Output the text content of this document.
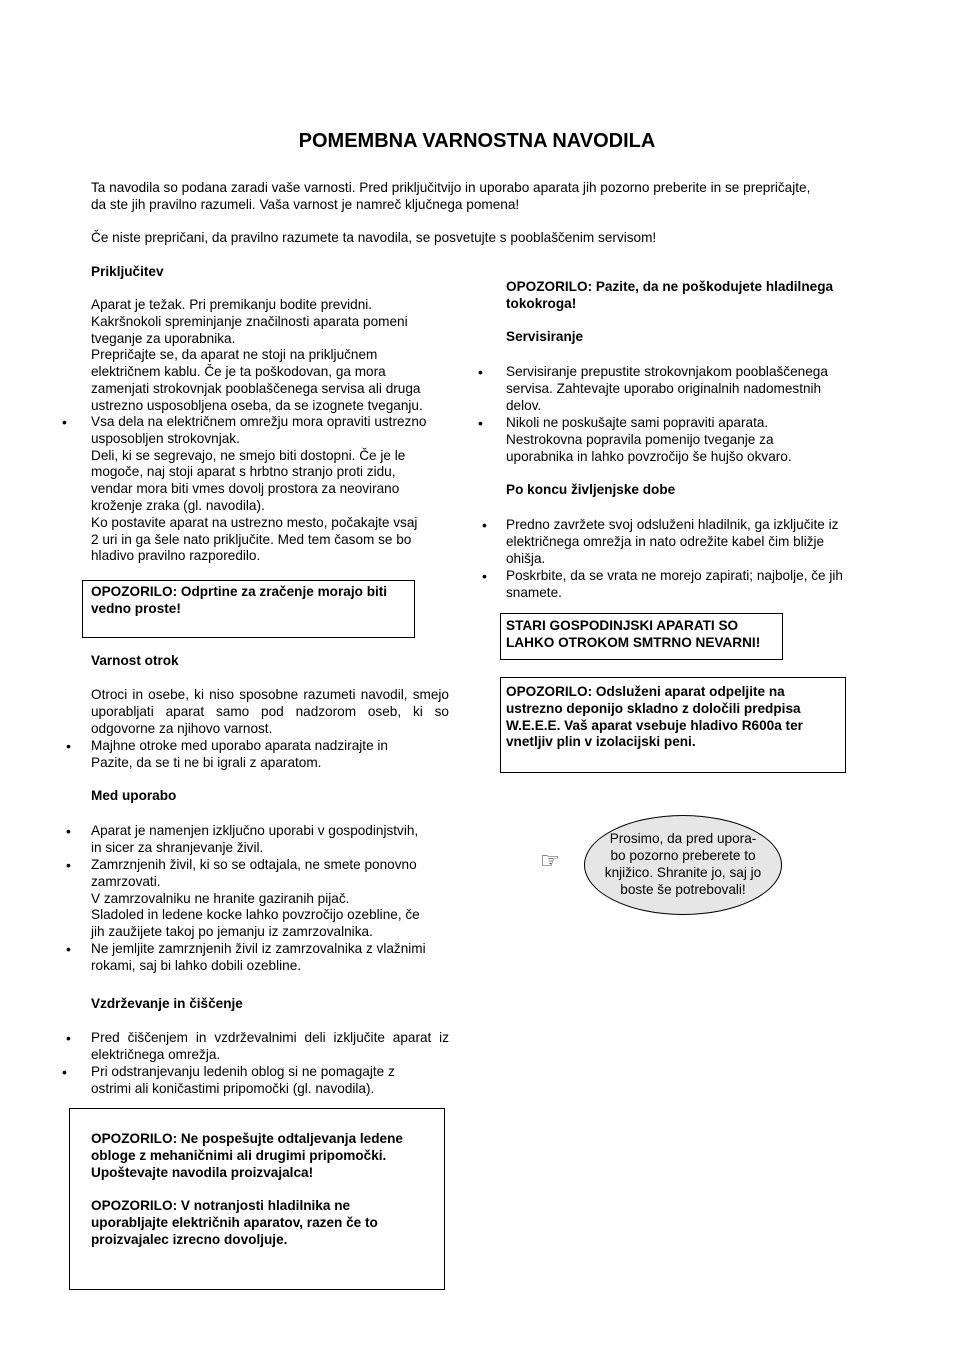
POMEMBNA VARNOSTNA NAVODILA
Ta navodila so podana zaradi vaše varnosti. Pred priključitvijo in uporabo aparata jih pozorno preberite in se prepričajte,
da ste jih pravilno razumeli. Vaša varnost je namreč ključnega pomena!
Če niste prepričani, da pravilno razumete ta navodila, se posvetujte s pooblaščenim servisom!
Priključitev
Aparat je težak. Pri premikanju bodite previdni.
Kakršnokoli spreminjanje značilnosti aparata pomeni
tveganje za uporabnika.
Prepričajte se, da aparat ne stoji na priključnem
električnem kablu. Če je ta poškodovan, ga mora
zamenjati strokovnjak pooblaščenega servisa ali druga
ustrezno usposobljena oseba, da se izognete tveganju.
• Vsa dela na električnem omrežju mora opraviti ustrezno
usposobljen strokovnjak.
Deli, ki se segrevajo, ne smejo biti dostopni. Če je le
mogoče, naj stoji aparat s hrbtno stranjo proti zidu,
vendar mora biti vmes dovolj prostora za neovirano
kroženje zraka (gl. navodila).
Ko postavite aparat na ustrezno mesto, počakajte vsaj
2 uri in ga šele nato priključite. Med tem časom se bo
hladivo pravilno razporedilo.
OPOZORILO: Odprtine za zračenje morajo biti
vedno proste!
Varnost otrok
Otroci in osebe, ki niso sposobne razumeti navodil, smejo uporabljati aparat samo pod nadzorom oseb, ki so odgovorne za njihovo varnost.
• Majhne otroke med uporabo aparata nadzirajte in
Pazite, da se ti ne bi igrali z aparatom.
Med uporabo
• Aparat je namenjen izključno uporabi v gospodinjstvih,
in sicer za shranjevanje živil.
• Zamrznjenih živil, ki so se odtajala, ne smete ponovno
zamrzovati.
V zamrzovalniku ne hranite gaziranih pijač.
Sladoled in ledene kocke lahko povzročijo ozebline, če
jih zaužijete takoj po jemanju iz zamrzovalnika.
• Ne jemljite zamrznjenih živil iz zamrzovalnika z vlažnimi
rokami, saj bi lahko dobili ozebline.
Vzdrževanje in čiščenje
• Pred čiščenjem in vzdrževalnimi deli izključite aparat iz električnega omrežja.
• Pri odstranjevanju ledenih oblog si ne pomagajte z
ostrimi ali koničastimi pripomočki (gl. navodila).
OPOZORILO: Ne pospešujte odtaljevanja ledene
obloge z mehaničnimi ali drugimi pripomočki.
Upoštevajte navodila proizvajalca!
OPOZORILO: V notranjosti hladilnika ne
uporabljajte električnih aparatov, razen če to
proizvajalec izrecno dovoljuje.
OPOZORILO: Pazite, da ne poškodujete hladilnega
tokokroga!
Servisiranje
• Servisiranje prepustite strokovnjakom pooblaščenega
servisa. Zahtevajte uporabo originalnih nadomestnih
delov.
• Nikoli ne poskušajte sami popraviti aparata.
Nestrokovna popravila pomenijo tveganje za
uporabnika in lahko povzročijo še hujšo okvaro.
Po koncu življenjske dobe
• Predno zavržete svoj odsluženi hladilnik, ga izključite iz
električnega omrežja in nato odrežite kabel čim bližje
ohišja.
• Poskrbite, da se vrata ne morejo zapirati; najbolje, če jih
snamete.
STARI GOSPODINJSKI APARATI SO
LAHKO OTROKOM SMTRNO NEVARNI!
OPOZORILO: Odsluženi aparat odpeljite na
ustrezno deponijo skladno z določili predpisa
W.E.E.E. Vaš aparat vsebuje hladivo R600a ter
vnetljiv plin v izolacijski peni.
☞
Prosimo, da pred upora-
bo pozorno preberete to
knjižico. Shranite jo, saj jo
boste še potrebovali!
